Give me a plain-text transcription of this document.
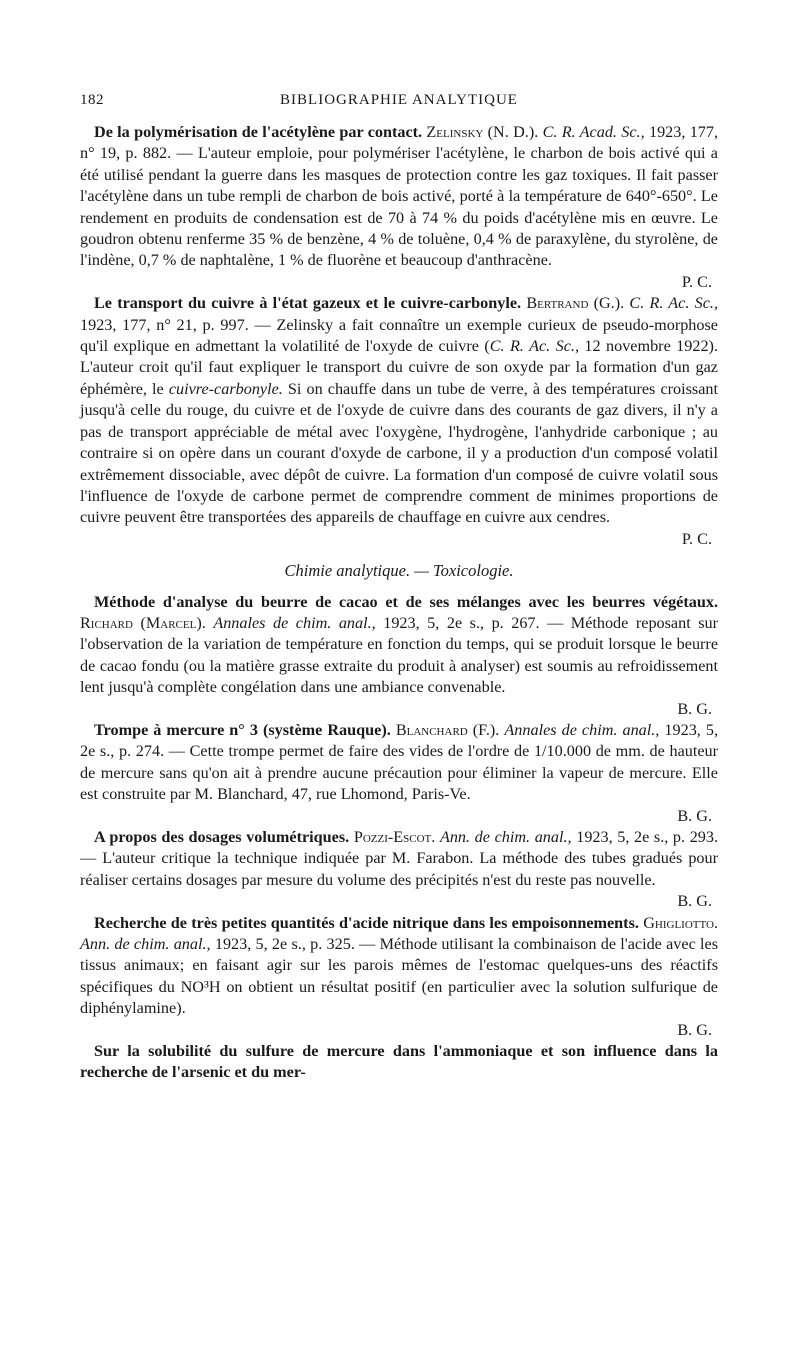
182	BIBLIOGRAPHIE ANALYTIQUE

De la polymérisation de l'acétylène par contact. Zelinsky (N. D.). C. R. Acad. Sc., 1923, 177, n° 19, p. 882. — L'auteur emploie, pour polymériser l'acétylène, le charbon de bois activé qui a été utilisé pendant la guerre dans les masques de protection contre les gaz toxiques. Il fait passer l'acétylène dans un tube rempli de charbon de bois activé, porté à la température de 640°-650°. Le rendement en produits de condensation est de 70 à 74 % du poids d'acétylène mis en œuvre. Le goudron obtenu renferme 35 % de benzène, 4 % de toluène, 0,4 % de paraxylène, du styrolène, de l'indène, 0,7 % de naphtalène, 1 % de fluorène et beaucoup d'anthracène.

P. C.

Le transport du cuivre à l'état gazeux et le cuivre-carbonyle. Bertrand (G.). C. R. Ac. Sc., 1923, 177, n° 21, p. 997. — Zelinsky a fait connaître un exemple curieux de pseudo-morphose qu'il explique en admettant la volatilité de l'oxyde de cuivre (C. R. Ac. Sc., 12 novembre 1922). L'auteur croit qu'il faut expliquer le transport du cuivre de son oxyde par la formation d'un gaz éphémère, le cuivre-carbonyle. Si on chauffe dans un tube de verre, à des températures croissant jusqu'à celle du rouge, du cuivre et de l'oxyde de cuivre dans des courants de gaz divers, il n'y a pas de transport appréciable de métal avec l'oxygène, l'hydrogène, l'anhydride carbonique ; au contraire si on opère dans un courant d'oxyde de carbone, il y a production d'un composé volatil extrêmement dissociable, avec dépôt de cuivre. La formation d'un composé de cuivre volatil sous l'influence de l'oxyde de carbone permet de comprendre comment de minimes proportions de cuivre peuvent être transportées des appareils de chauffage en cuivre aux cendres.

P. C.

Chimie analytique. — Toxicologie.

Méthode d'analyse du beurre de cacao et de ses mélanges avec les beurres végétaux. Richard (Marcel). Annales de chim. anal., 1923, 5, 2e s., p. 267. — Méthode reposant sur l'observation de la variation de température en fonction du temps, qui se produit lorsque le beurre de cacao fondu (ou la matière grasse extraite du produit à analyser) est soumis au refroidissement lent jusqu'à complète congélation dans une ambiance convenable.

B. G.

Trompe à mercure n° 3 (système Rauque). Blanchard (F.). Annales de chim. anal., 1923, 5, 2e s., p. 274. — Cette trompe permet de faire des vides de l'ordre de 1/10.000 de mm. de hauteur de mercure sans qu'on ait à prendre aucune précaution pour éliminer la vapeur de mercure. Elle est construite par M. Blanchard, 47, rue Lhomond, Paris-Ve.

B. G.

A propos des dosages volumétriques. Pozzi-Escot. Ann. de chim. anal., 1923, 5, 2e s., p. 293. — L'auteur critique la technique indiquée par M. Farabon. La méthode des tubes gradués pour réaliser certains dosages par mesure du volume des précipités n'est du reste pas nouvelle.

B. G.

Recherche de très petites quantités d'acide nitrique dans les empoisonnements. Ghigliotto. Ann. de chim. anal., 1923, 5, 2e s., p. 325. — Méthode utilisant la combinaison de l'acide avec les tissus animaux; en faisant agir sur les parois mêmes de l'estomac quelques-uns des réactifs spécifiques du NO³H on obtient un résultat positif (en particulier avec la solution sulfurique de diphénylamine).

B. G.

Sur la solubilité du sulfure de mercure dans l'ammoniaque et son influence dans la recherche de l'arsenic et du mer-
